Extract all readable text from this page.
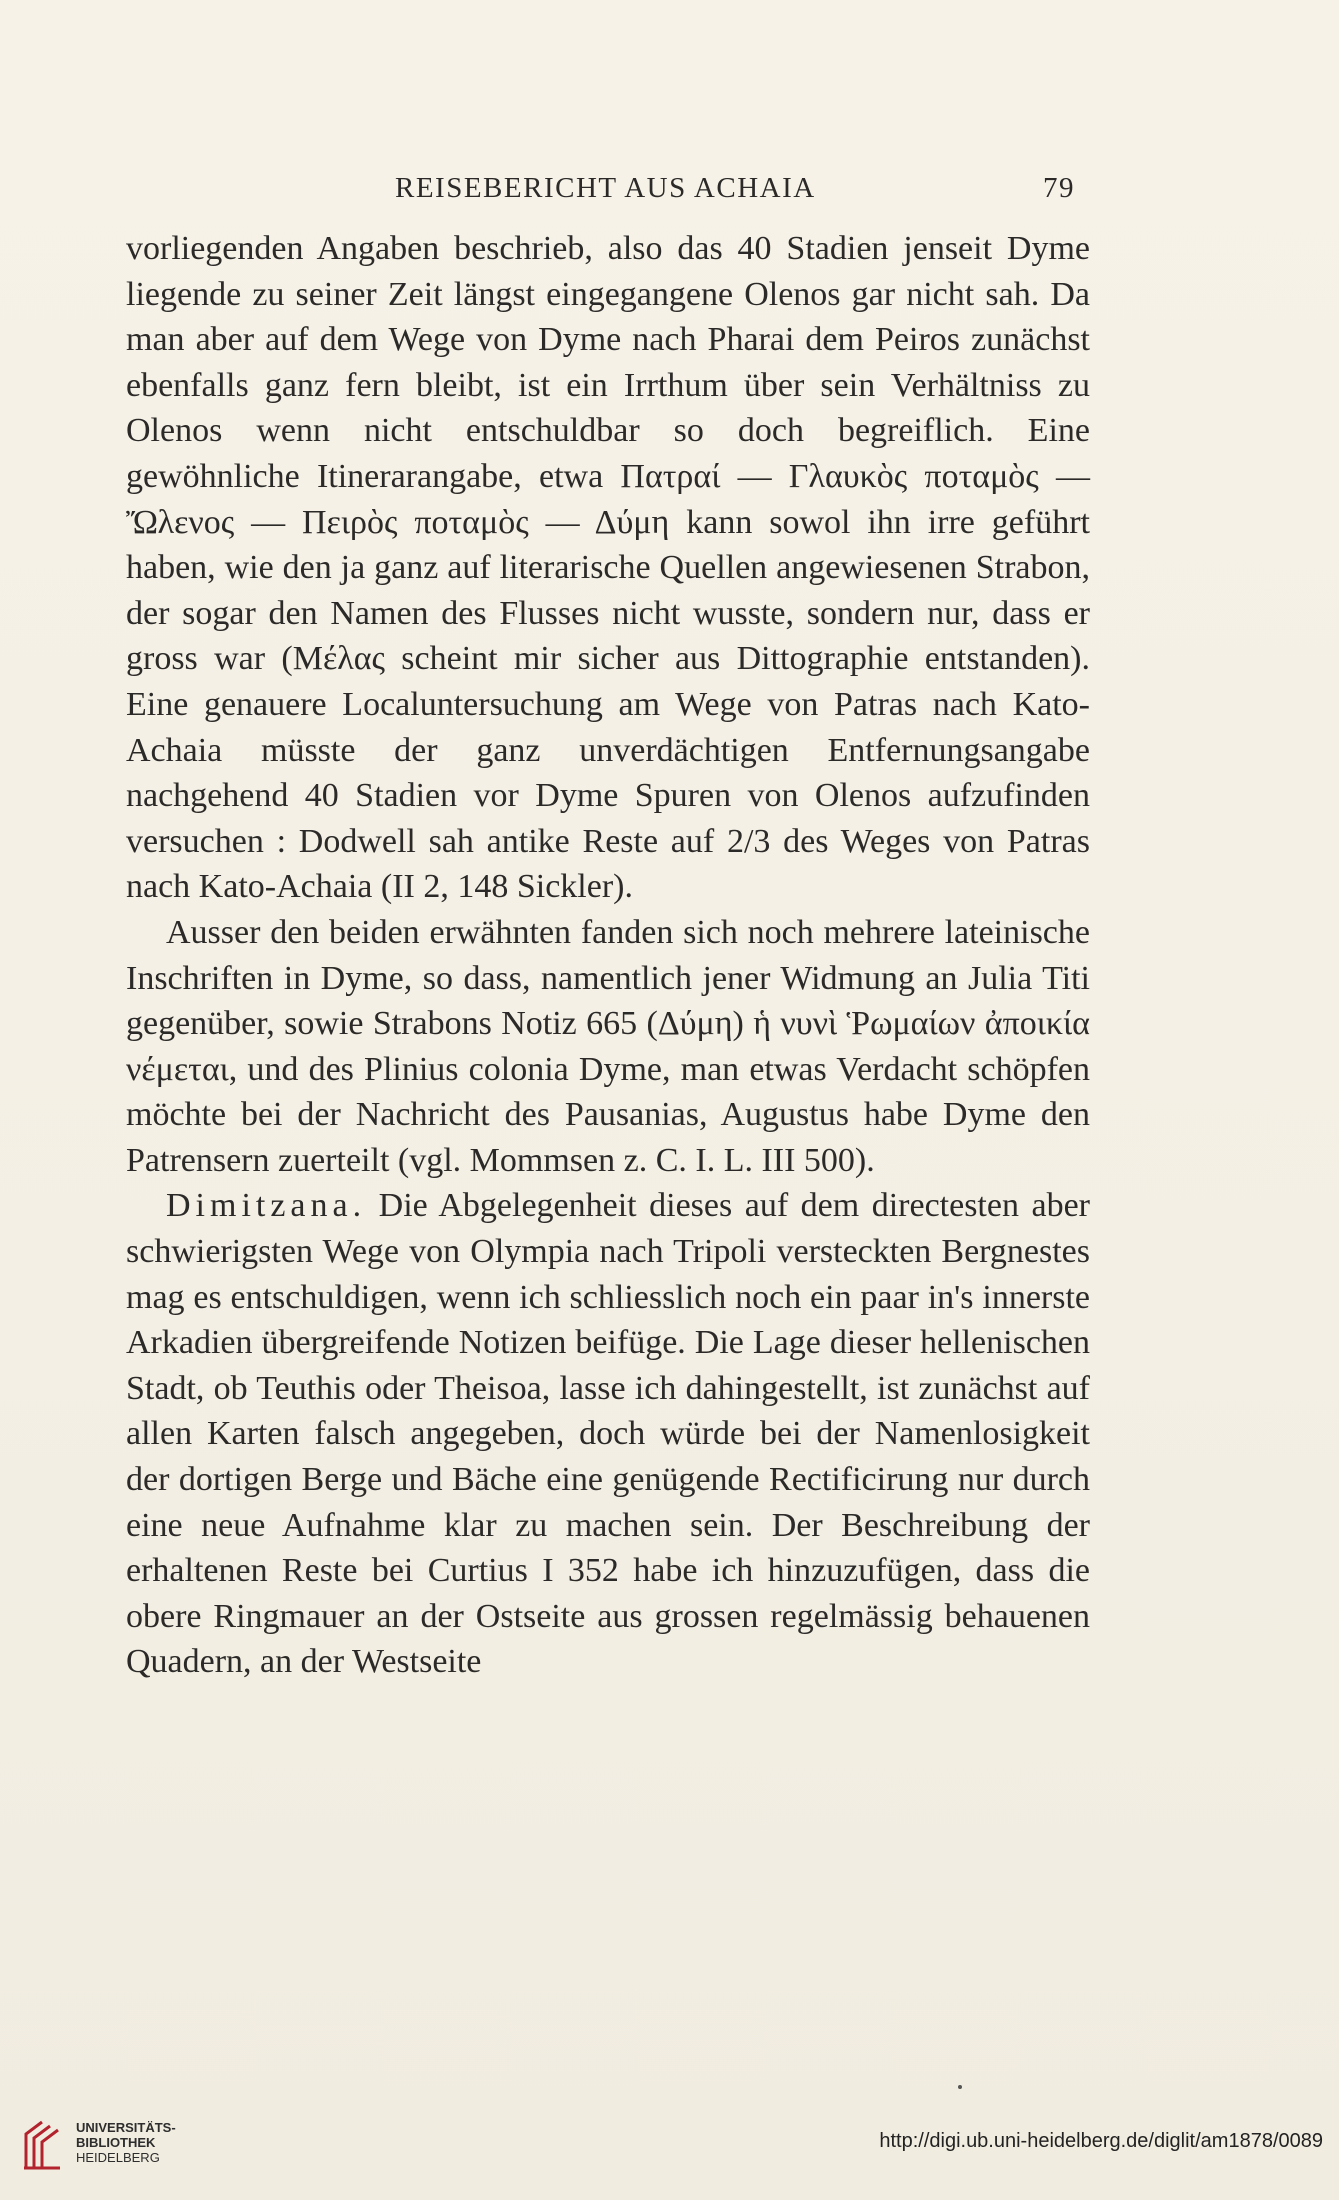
REISEBERICHT AUS ACHAIA	79

vorliegenden Angaben beschrieb, also das 40 Stadien jenseit Dyme liegende zu seiner Zeit längst eingegangene Olenos gar nicht sah. Da man aber auf dem Wege von Dyme nach Pharai dem Peiros zunächst ebenfalls ganz fern bleibt, ist ein Irrthum über sein Verhältniss zu Olenos wenn nicht entschuldbar so doch begreiflich. Eine gewöhnliche Itinerarangabe, etwa Πατραί — Γλαυκὸς ποταμὸς — Ὤλενος — Πειρὸς ποταμὸς — Δύμη kann sowol ihn irre geführt haben, wie den ja ganz auf literarische Quellen angewiesenen Strabon, der sogar den Namen des Flusses nicht wusste, sondern nur, dass er gross war (Μέλας scheint mir sicher aus Dittographie entstanden). Eine genauere Localuntersuchung am Wege von Patras nach Kato-Achaia müsste der ganz unverdächtigen Entfernungsangabe nachgehend 40 Stadien vor Dyme Spuren von Olenos aufzufinden versuchen : Dodwell sah antike Reste auf 2/3 des Weges von Patras nach Kato-Achaia (II 2, 148 Sickler).

Ausser den beiden erwähnten fanden sich noch mehrere lateinische Inschriften in Dyme, so dass, namentlich jener Widmung an Julia Titi gegenüber, sowie Strabons Notiz 665 (Δύμη) ἡ νυνὶ Ῥωμαίων ἀποικία νέμεται, und des Plinius colonia Dyme, man etwas Verdacht schöpfen möchte bei der Nachricht des Pausanias, Augustus habe Dyme den Patrensern zuerteilt (vgl. Mommsen z. C. I. L. III 500).

Dimitzana. Die Abgelegenheit dieses auf dem directesten aber schwierigsten Wege von Olympia nach Tripoli versteckten Bergnestes mag es entschuldigen, wenn ich schliesslich noch ein paar in's innerste Arkadien übergreifende Notizen beifüge. Die Lage dieser hellenischen Stadt, ob Teuthis oder Theisoa, lasse ich dahingestellt, ist zunächst auf allen Karten falsch angegeben, doch würde bei der Namenlosigkeit der dortigen Berge und Bäche eine genügende Rectificirung nur durch eine neue Aufnahme klar zu machen sein. Der Beschreibung der erhaltenen Reste bei Curtius I 352 habe ich hinzuzufügen, dass die obere Ringmauer an der Ostseite aus grossen regelmässig behauenen Quadern, an der Westseite

UNIVERSITÄTS-
BIBLIOTHEK
HEIDELBERG
http://digi.ub.uni-heidelberg.de/diglit/am1878/0089
